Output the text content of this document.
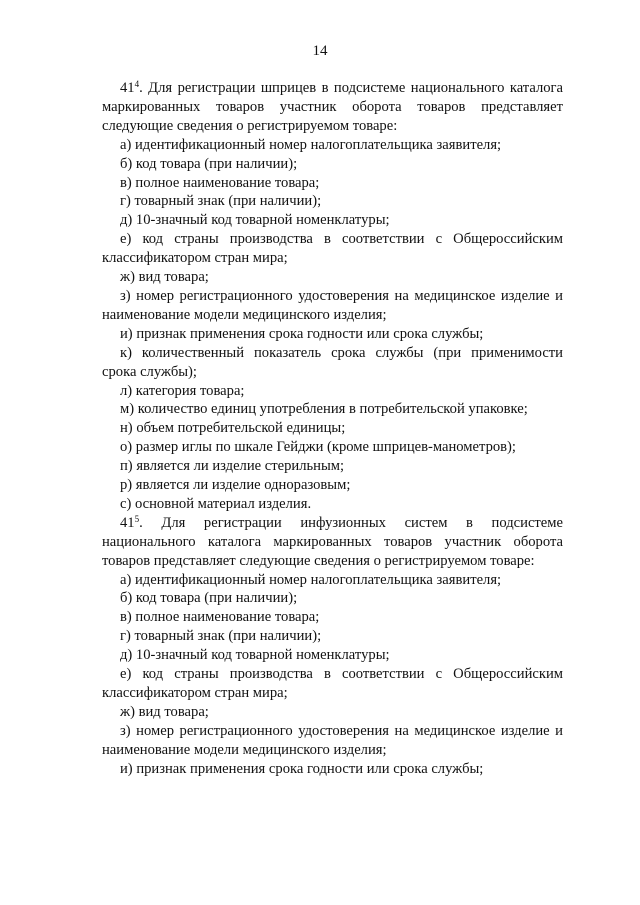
14

$41^4$. Для регистрации шприцев в подсистеме национального каталога маркированных товаров участник оборота товаров представляет следующие сведения о регистрируемом товаре:

а) идентификационный номер налогоплательщика заявителя;

б) код товара (при наличии);

в) полное наименование товара;

г) товарный знак (при наличии);

д) 10-значный код товарной номенклатуры;

е) код страны производства в соответствии с Общероссийским классификатором стран мира;

ж) вид товара;

з) номер регистрационного удостоверения на медицинское изделие и наименование модели медицинского изделия;

и) признак применения срока годности или срока службы;

к) количественный показатель срока службы (при применимости срока службы);

л) категория товара;

м) количество единиц употребления в потребительской упаковке;

н) объем потребительской единицы;

о) размер иглы по шкале Гейджи (кроме шприцев-манометров);

п) является ли изделие стерильным;

р) является ли изделие одноразовым;

с) основной материал изделия.

$41^5$. Для регистрации инфузионных систем в подсистеме национального каталога маркированных товаров участник оборота товаров представляет следующие сведения о регистрируемом товаре:

а) идентификационный номер налогоплательщика заявителя;

б) код товара (при наличии);

в) полное наименование товара;

г) товарный знак (при наличии);

д) 10-значный код товарной номенклатуры;

е) код страны производства в соответствии с Общероссийским классификатором стран мира;

ж) вид товара;

з) номер регистрационного удостоверения на медицинское изделие и наименование модели медицинского изделия;

и) признак применения срока годности или срока службы;
